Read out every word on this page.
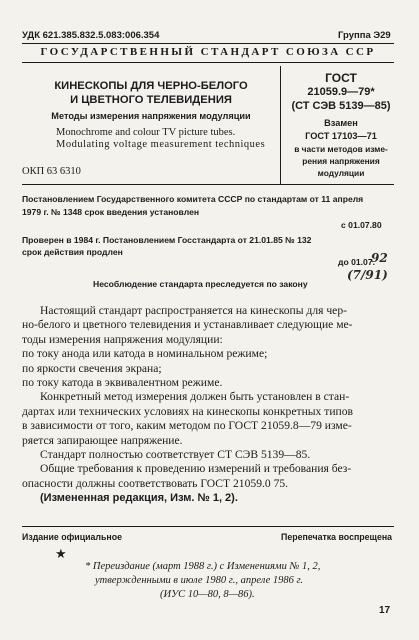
УДК 621.385.832.5.083:006.354	Группа Э29
ГОСУДАРСТВЕННЫЙ СТАНДАРТ СОЮЗА ССР
КИНЕСКОПЫ ДЛЯ ЧЕРНО-БЕЛОГО
И ЦВЕТНОГО ТЕЛЕВИДЕНИЯ
Методы измерения напряжения модуляции
Monochrome and colour TV picture tubes.
Modulating voltage measurement techniques
ГОСТ
21059.9—79*
(СТ СЭВ 5139—85)
Взамен
ГОСТ 17103—71
в части методов изме-
рения напряжения
модуляции
ОКП 63 6310
Постановлением Государственного комитета СССР по стандартам от 11 апреля
1979 г. № 1348 срок введения установлен
с 01.07.80
Проверен в 1984 г. Постановлением Госстандарта от 21.01.85 № 132
срок действия продлен
до 01.07.
92
(7/91)
Несоблюдение стандарта преследуется по закону
Настоящий стандарт распространяется на кинескопы для чер-
но-белого и цветного телевидения и устанавливает следующие ме-
тоды измерения напряжения модуляции:
по току анода или катода в номинальном режиме;
по яркости свечения экрана;
по току катода в эквивалентном режиме.
Конкретный метод измерения должен быть установлен в стан-
дартах или технических условиях на кинескопы конкретных типов
в зависимости от того, каким методом по ГОСТ 21059.8—79 изме-
ряется запирающее напряжение.
Стандарт полностью соответствует СТ СЭВ 5139—85.
Общие требования к проведению измерений и требования без-
опасности должны соответствовать ГОСТ 21059.0 75.
(Измененная редакция, Изм. № 1, 2).
Издание официальное	Перепечатка воспрещена
★
* Переиздание (март 1988 г.) с Изменениями № 1, 2,
утвержденными в июле 1980 г., апреле 1986 г.
(ИУС 10—80, 8—86).
17
